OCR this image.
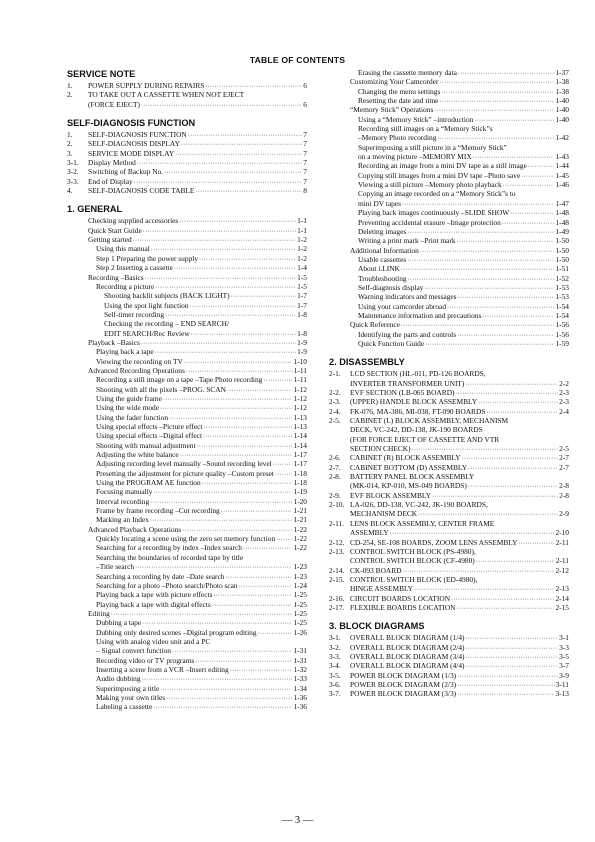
TABLE OF CONTENTS
SERVICE NOTE
1.	POWER SUPPLY DURING REPAIRS ·····	6
2.	TO TAKE OUT A CASSETTE WHEN NOT EJECT
(FORCE EJECT) ·····	6
SELF-DIAGNOSIS FUNCTION
1.	SELF-DIAGNOSIS FUNCTION ·····	7
2.	SELF-DIAGNOSIS DISPLAY ·····	7
3.	SERVICE MODE DISPLAY ·····	7
3-1.	Display Method ·····	7
3-2.	Switching of Backup No. ·····	7
3-3.	End of Display ·····	7
4.	SELF-DIAGNOSIS CODE TABLE ·····	8
1. GENERAL
Checking supplied accessories ·····	1-1
Quick Start Guide ·····	1-1
Getting started ·····	1-2
Using this manual ·····	1-2
Step 1 Preparing the power supply ·····	1-2
Step 2 Inserting a cassette ·····	1-4
Recording –Basics ·····	1-5
Recording a picture ·····	1-5
Shooting backlit subjects (BACK LIGHT) ·····	1-7
Using the spot light function ·····	1-7
Self-timer recording ·····	1-8
Checking the recording – END SEARCH/
EDIT SEARCH/Rec Review ·····	1-8
Playback –Basics ·····	1-9
Playing back a tape ·····	1-9
Viewing the recording on TV ·····	1-10
Advanced Recording Operations ·····	1-11
Recording a still image on a tape –Tape Photo recording ·····	1-11
Shooting with all the pixels –PROG. SCAN ·····	1-12
Using the guide frame ·····	1-12
Using the wide mode ·····	1-12
Using the fader function ·····	1-13
Using special effects –Picture effect ·····	1-13
Using special effects –Digital effect ·····	1-14
Shooting with manual adjustment ·····	1-14
Adjusting the white balance ·····	1-17
Adjusting recording level manually –Sound recording level ·····	1-17
Presetting the adjustment for picture quality –Custom preset ·····	1-18
Using the PROGRAM AE function ·····	1-18
Focusing manually ·····	1-19
Interval recording ·····	1-20
Frame by frame recording –Cut recording ·····	1-21
Marking an Index ·····	1-21
Advanced Playback Operations ·····	1-22
Quickly locating a scene using the zero set memory function ····· 1-22
Searching for a recording by index –Index search ·····	1-22
Searching the boundaries of recorded tape by title
–Title search ·····	1-23
Searching a recording by date –Date search ·····	1-23
Searching for a photo –Photo search/Photo scan ·····	1-24
Playing back a tape with picture effects ·····	1-25
Playing back a tape with digital effects ·····	1-25
Editing ·····	1-25
Dubbing a tape ·····	1-25
Dubbing only desired scenes –Digital program editing ·····	1-26
Using with analog video unit and a PC
– Signal convert function ·····	1-31
Recording video or TV programs ·····	1-31
Inserting a scene from a VCR –Insert editing ·····	1-32
Audio dubbing ·····	1-33
Superimposing a title ·····	1-34
Making your own titles ·····	1-36
Labeling a cassette ·····	1-36
Erasing the cassette memory data ·····	1-37
Customizing Your Camcorder ·····	1-38
Changing the menu settings ·····	1-38
Resetting the date and time ·····	1-40
“Memory Stick” Operations ·····	1-40
Using a “Memory Stick” –introduction ·····	1-40
Recording still images on a “Memory Stick”s
–Memory Photo recording ·····	1-42
Superimposing a still picture in a “Memory Stick”
on a moving picture –MEMORY MIX ·····	1-43
Recording an image from a mini DV tape as a still image ·····	1-44
Copying still images from a mini DV tape –Photo save ·····	1-45
Viewing a still picture –Memory photo playback ·····	1-46
Copying an image recorded on a “Memory Stick”s to
mini DV tapes ·····	1-47
Playing back images continuously –SLIDE SHOW ·····	1-48
Preventing accidental erasure –Image protection ·····	1-48
Deleting images ·····	1-49
Writing a print mark –Print mark ·····	1-50
Additional Information ·····	1-50
Usable cassettes ·····	1-50
About i.LINK ·····	1-51
Troubleshooting ·····	1-52
Self-diagnosis display ·····	1-53
Warning indicators and messages ·····	1-53
Using your camcorder abroad ·····	1-54
Maintenance information and precautions ·····	1-54
Quick Reference ·····	1-56
Identifying the parts and controls ·····	1-56
Quick Function Guide ·····	1-59
2. DISASSEMBLY
2-1.	LCD SECTION (HL-011, PD-126 BOARDS,
INVERTER TRANSFORMER UNIT) ·····	2-2
2-2.	EVF SECTION (LB-065 BOARD) ·····	2-3
2-3.	(UPPER) HANDLE BLOCK ASSEMBLY ·····	2-3
2-4.	FK-076, MA-386, MI-038, FT-090 BOARDS ·····	2-4
2-5.	CABINET (L) BLOCK ASSEMBLY, MECHANISM
DECK, VC-242, DD-138, JK-190 BOARDS
(FOR FORCE EJECT OF CASSETTE AND VTR
SECTION CHECK) ·····	2-5
2-6.	CABINET (R) BLOCK ASSEMBLY ·····	2-7
2-7.	CABINET BOTTOM (D) ASSEMBLY ·····	2-7
2-8.	BATTERY PANEL BLOCK ASSEMBLY
(MK-014, KP-010, MS-049 BOARDS) ·····	2-8
2-9.	EVF BLOCK ASSEMBLY ·····	2-8
2-10. LA-026, DD-138, VC-242, JK-190 BOARDS,
MECHANISM DECK ·····	2-9
2-11. LENS BLOCK ASSEMBLY, CENTER FRAME
ASSEMBLY ·····	2-10
2-12. CD-254, SE-108 BOARDS, ZOOM LENS ASSEMBLY ·····	2-11
2-13. CONTROL SWITCH BLOCK (PS-4980),
CONTROL SWITCH BLOCK (CF-4980) ·····	2-11
2-14. CK-093 BOARD ·····	2-12
2-15. CONTROL SWITCH BLOCK (ED-4980),
HINGE ASSEMBLY ·····	2-13
2-16. CIRCUIT BOARDS LOCATION ·····	2-14
2-17. FLEXIBLE BOARDS LOCATION ·····	2-15
3. BLOCK DIAGRAMS
3-1.	OVERALL BLOCK DIAGRAM (1/4) ·····	3-1
3-2.	OVERALL BLOCK DIAGRAM (2/4) ·····	3-3
3-3.	OVERALL BLOCK DIAGRAM (3/4) ·····	3-5
3-4.	OVERALL BLOCK DIAGRAM (4/4) ·····	3-7
3-5.	POWER BLOCK DIAGRAM (1/3) ·····	3-9
3-6.	POWER BLOCK DIAGRAM (2/3) ·····	3-11
3-7.	POWER BLOCK DIAGRAM (3/3) ·····	3-13
— 3 —
